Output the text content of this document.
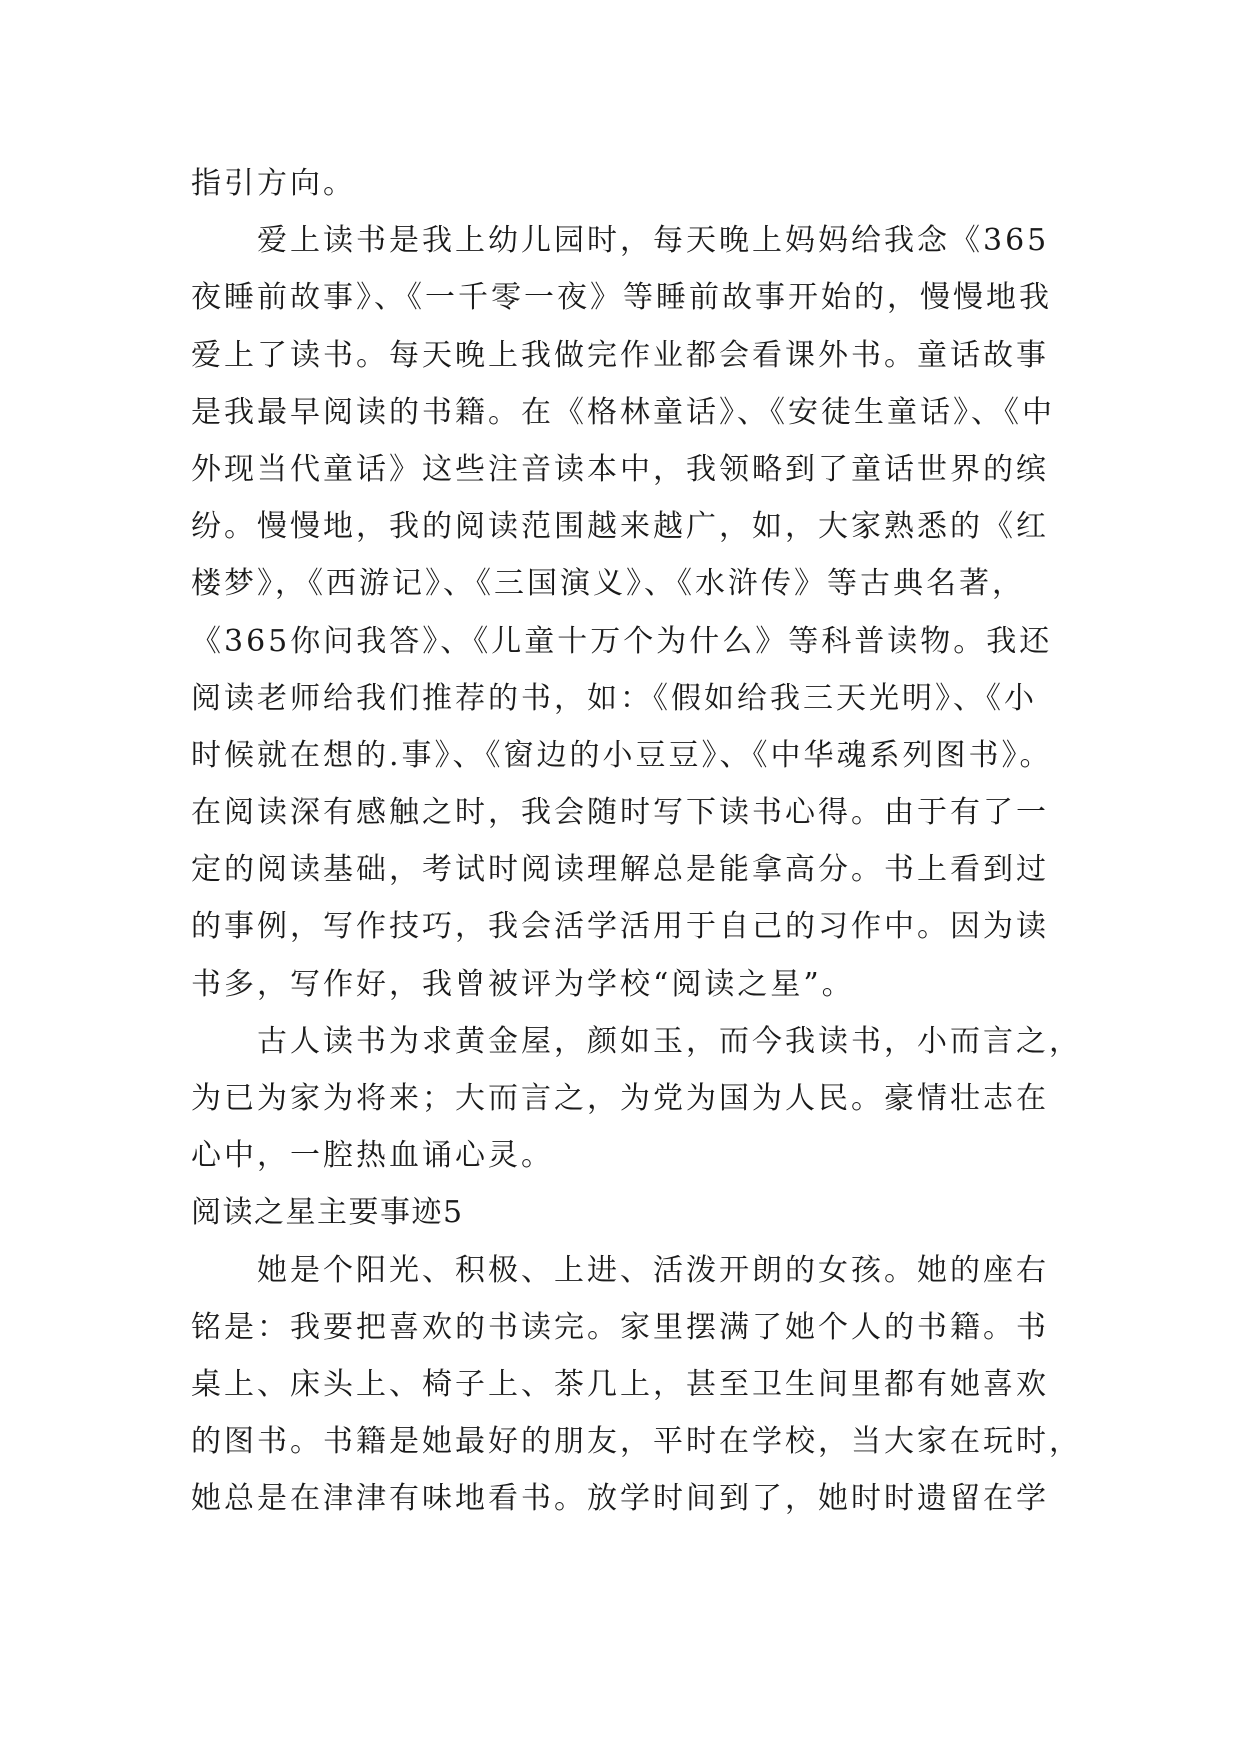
指引方向。
爱上读书是我上幼儿园时，每天晚上妈妈给我念《365
夜睡前故事》、《一千零一夜》等睡前故事开始的，慢慢地我
爱上了读书。每天晚上我做完作业都会看课外书。童话故事
是我最早阅读的书籍。在《格林童话》、《安徒生童话》、《中
外现当代童话》这些注音读本中，我领略到了童话世界的缤
纷。慢慢地，我的阅读范围越来越广，如，大家熟悉的《红
楼梦》，《西游记》、《三国演义》、《水浒传》等古典名著，
《365你问我答》、《儿童十万个为什么》等科普读物。我还
阅读老师给我们推荐的书，如：《假如给我三天光明》、《小
时候就在想的.事》、《窗边的小豆豆》、《中华魂系列图书》。
在阅读深有感触之时，我会随时写下读书心得。由于有了一
定的阅读基础，考试时阅读理解总是能拿高分。书上看到过
的事例，写作技巧，我会活学活用于自己的习作中。因为读
书多，写作好，我曾被评为学校“阅读之星”。
古人读书为求黄金屋，颜如玉，而今我读书，小而言之，
为已为家为将来；大而言之，为党为国为人民。豪情壮志在
心中，一腔热血诵心灵。
阅读之星主要事迹5
她是个阳光、积极、上进、活泼开朗的女孩。她的座右
铭是：我要把喜欢的书读完。家里摆满了她个人的书籍。书
桌上、床头上、椅子上、茶几上，甚至卫生间里都有她喜欢
的图书。书籍是她最好的朋友，平时在学校，当大家在玩时，
她总是在津津有味地看书。放学时间到了，她时时遗留在学
